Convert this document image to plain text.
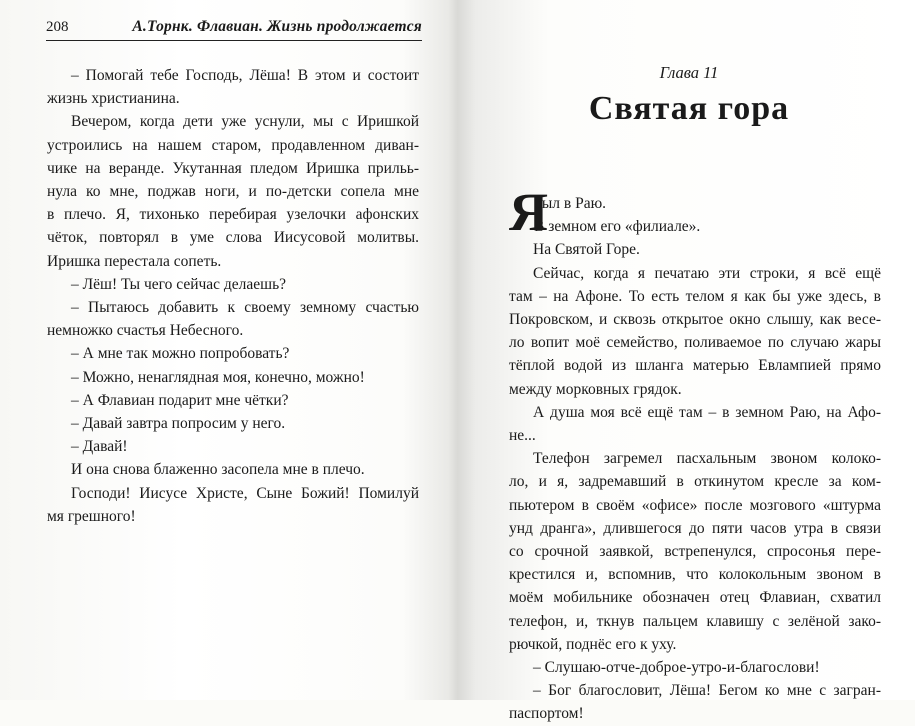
208	А.Торнк. Флавиан. Жизнь продолжается
– Помогай тебе Господь, Лёша! В этом и состоит
жизнь христианина.
Вечером, когда дети уже уснули, мы с Иришкой
устроились на нашем старом, продавленном дивaн-
чике на веранде. Укутанная пледом Иришка прильь-
нула ко мне, поджав ноги, и по-детски сопела мне
в плечо. Я, тихонько перебирая узелочки афонских
чёток, повторял в уме слова Иисусовой молитвы.
Иришка перестала сопеть.
– Лёш! Ты чего сейчас делаешь?
– Пытаюсь добавить к своему земному счастью
немножко счастья Небесного.
– А мне так можно попробовать?
– Можно, ненаглядная моя, конечно, можно!
– А Флавиан подарит мне чётки?
– Давай завтра попросим у него.
– Давай!
И она снова блаженно засопела мне в плечо.
Господи! Иисусе Христе, Сыне Божий! Помилуй
мя грешного!
Глава 11
Святая гора
Я
был в Раю.
В земном его «филиале».
На Святой Горе.
Сейчас, когда я печатаю эти строки, я всё ещё
там – на Афоне. То есть телом я как бы уже здесь, в
Покровском, и сквозь открытое окно слышу, как весе-
ло вопит моё семейство, поливаемое по случаю жары
тёплой водой из шланга матерью Евлампией прямо
между морковных грядок.
А душа моя всё ещё там – в земном Раю, на Афо-
не...
Телефон загремел пасхальным звоном колоко-
ло, и я, задремавший в откинутом кресле за ком-
пьютером в своём «офисе» после мозгового «штурма
унд дранга», длившегося до пяти часов утра в связи
со срочной заявкой, встрепенулся, спросонья пере-
крестился и, вспомнив, что колокольным звоном в
моём мобильнике обозначен отец Флавиан, схватил
телефон, и, ткнув пальцем клавишу с зелёной зако-
рючкой, поднёс его к уху.
– Слушаю-отче-доброе-утро-и-благослови!
– Бог благословит, Лёша! Бегом ко мне с загран-
паспортом!
